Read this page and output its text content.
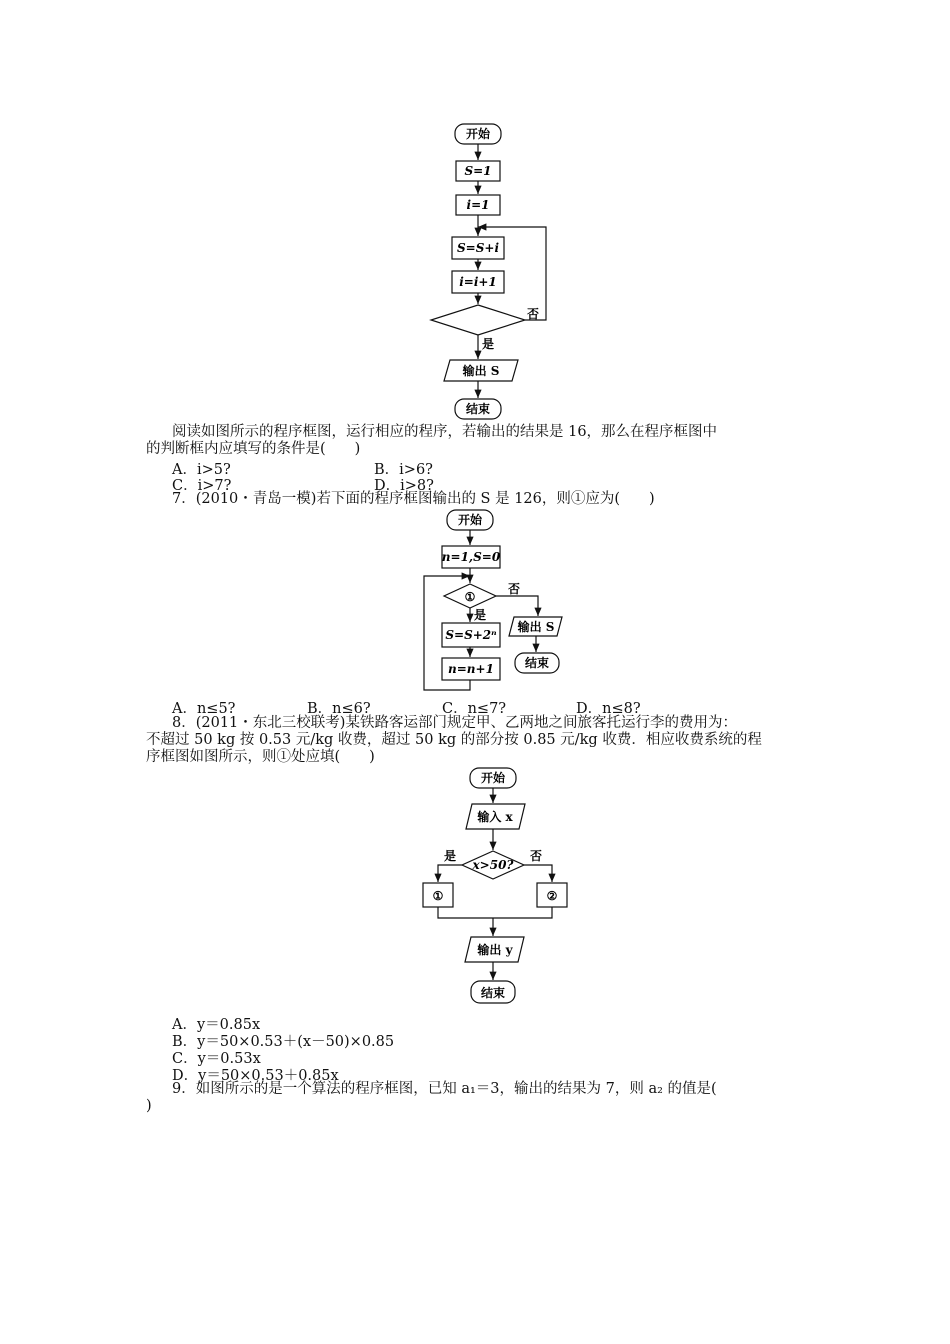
开始
S=1
i=1
S=S+i
i=i+1
否
是
输出 S
结束
开始
n=1,S=0
①
否
是
S=S+2ⁿ
n=n+1
输出 S
结束
开始
输入 x
x>50?
是	否
①	②
输出 y
结束
阅读如图所示的程序框图，运行相应的程序，若输出的结果是 16，那么在程序框图中
的判断框内应填写的条件是(　　)
A．i>5?	B．i>6?
C．i>7?	D．i>8?
7．(2010・青岛一模)若下面的程序框图输出的 S 是 126，则①应为(　　)
A．n≤5?	B．n≤6?	C．n≤7?	D．n≤8?
8．(2011・东北三校联考)某铁路客运部门规定甲、乙两地之间旅客托运行李的费用为：
不超过 50 kg 按 0.53 元/kg 收费，超过 50 kg 的部分按 0.85 元/kg 收费．相应收费系统的程
序框图如图所示，则①处应填(　　)
A．y＝0.85x
B．y＝50×0.53＋(x－50)×0.85
C．y＝0.53x
D．y＝50×0.53＋0.85x
9．如图所示的是一个算法的程序框图，已知 a₁＝3，输出的结果为 7，则 a₂ 的值是(
)
